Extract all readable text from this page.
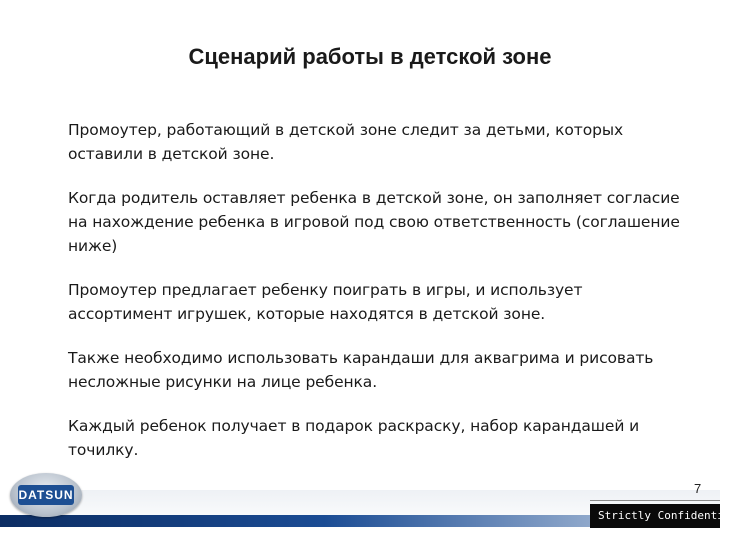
Сценарий работы в детской зоне

Промоутер, работающий в детской зоне следит за детьми, которых оставили в детской зоне.

Когда родитель оставляет ребенка в детской зоне, он заполняет согласие на нахождение ребенка в игровой под свою ответственность (соглашение ниже)

Промоутер предлагает ребенку поиграть в игры, и использует ассортимент игрушек, которые находятся в детской зоне.

Также необходимо использовать карандаши для аквагрима и рисовать несложные рисунки на лице ребенка.

Каждый ребенок получает в подарок раскраску, набор карандашей и точилку.

DATSUN	7
Strictly Confidential
